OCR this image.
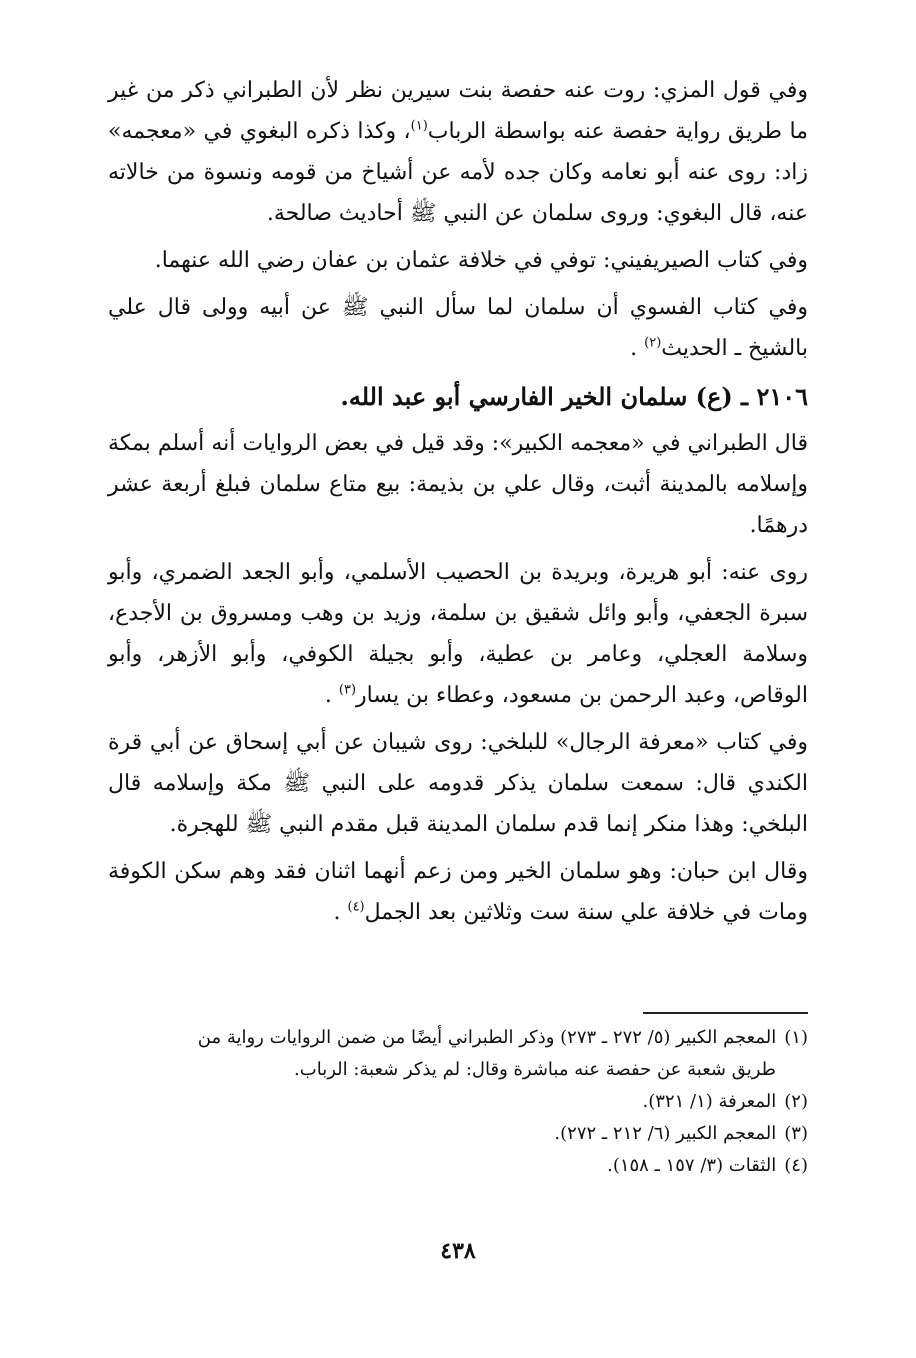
وفي قول المزي: روت عنه حفصة بنت سيرين نظر لأن الطبراني ذكر من غير ما طريق رواية حفصة عنه بواسطة الرباب$^{(١)}$، وكذا ذكره البغوي في «معجمه» زاد: روى عنه أبو نعامه وكان جده لأمه عن أشياخ من قومه ونسوة من خالاته عنه، قال البغوي: وروى سلمان عن النبي ﷺ أحاديث صالحة.

وفي كتاب الصيريفيني: توفي في خلافة عثمان بن عفان رضي الله عنهما.

وفي كتاب الفسوي أن سلمان لما سأل النبي ﷺ عن أبيه وولى قال علي بالشيخ ـ الحديث$^{(٢)}$ .

٢١٠٦ ـ (ع) سلمان الخير الفارسي أبو عبد الله.

قال الطبراني في «معجمه الكبير»: وقد قيل في بعض الروايات أنه أسلم بمكة وإسلامه بالمدينة أثبت، وقال علي بن بذيمة: بيع متاع سلمان فبلغ أربعة عشر درهمًا.

روى عنه: أبو هريرة، وبريدة بن الحصيب الأسلمي، وأبو الجعد الضمري، وأبو سبرة الجعفي، وأبو وائل شقيق بن سلمة، وزيد بن وهب ومسروق بن الأجدع، وسلامة العجلي، وعامر بن عطية، وأبو بجيلة الكوفي، وأبو الأزهر، وأبو الوقاص، وعبد الرحمن بن مسعود، وعطاء بن يسار$^{(٣)}$ .

وفي كتاب «معرفة الرجال» للبلخي: روى شيبان عن أبي إسحاق عن أبي قرة الكندي قال: سمعت سلمان يذكر قدومه على النبي ﷺ مكة وإسلامه قال البلخي: وهذا منكر إنما قدم سلمان المدينة قبل مقدم النبي ﷺ للهجرة.

وقال ابن حبان: وهو سلمان الخير ومن زعم أنهما اثنان فقد وهم سكن الكوفة ومات في خلافة علي سنة ست وثلاثين بعد الجمل$^{(٤)}$ .

(١)المعجم الكبير (٥/ ٢٧٢ ـ ٢٧٣) وذكر الطبراني أيضًا من ضمن الروايات رواية من

طريق شعبة عن حفصة عنه مباشرة وقال: لم يذكر شعبة: الرباب.

(٢)المعرفة (١/ ٣٢١).

(٣)المعجم الكبير (٦/ ٢١٢ ـ ٢٧٢).

(٤)الثقات (٣/ ١٥٧ ـ ١٥٨).

٤٣٨
